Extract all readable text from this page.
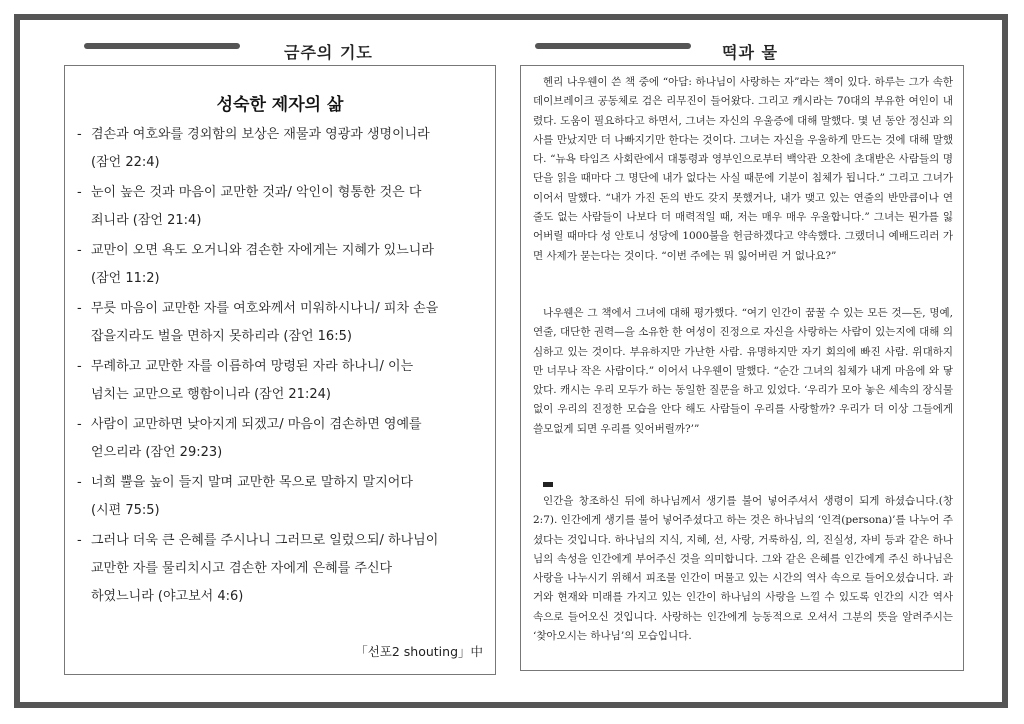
금주의 기도	떡과 물
성숙한 제자의 삶
- 겸손과 여호와를 경외함의 보상은 재물과 영광과 생명이니라
(잠언 22:4)
- 눈이 높은 것과 마음이 교만한 것과/ 악인이 형통한 것은 다
죄니라 (잠언 21:4)
- 교만이 오면 욕도 오거니와 겸손한 자에게는 지혜가 있느니라
(잠언 11:2)
- 무릇 마음이 교만한 자를 여호와께서 미워하시나니/ 피차 손을
잡을지라도 벌을 면하지 못하리라 (잠언 16:5)
- 무례하고 교만한 자를 이름하여 망령된 자라 하나니/ 이는
넘치는 교만으로 행함이니라 (잠언 21:24)
- 사람이 교만하면 낮아지게 되겠고/ 마음이 겸손하면 영예를
얻으리라 (잠언 29:23)
- 너희 뿔을 높이 들지 말며 교만한 목으로 말하지 말지어다
(시편 75:5)
- 그러나 더욱 큰 은혜를 주시나니 그러므로 일렀으되/ 하나님이
교만한 자를 물리치시고 겸손한 자에게 은혜를 주신다
하였느니라 (야고보서 4:6)
「선포2 shouting」中
헨리 나우웬이 쓴 책 중에 “아담: 하나님이 사랑하는 자”라는 책이 있다. 하루는 그가 속한 데이브레이크 공동체로 검은 리무진이 들어왔다. 그리고 캐시라는 70대의 부유한 여인이 내렸다. 도움이 필요하다고 하면서, 그녀는 자신의 우울증에 대해 말했다. 몇 년 동안 정신과 의사를 만났지만 더 나빠지기만 한다는 것이다. 그녀는 자신을 우울하게 만드는 것에 대해 말했다. “뉴욕 타임즈 사회란에서 대통령과 영부인으로부터 백악관 오찬에 초대받은 사람들의 명단을 읽을 때마다 그 명단에 내가 없다는 사실 때문에 기분이 침체가 됩니다.” 그리고 그녀가 이어서 말했다. “내가 가진 돈의 반도 갖지 못했거나, 내가 맺고 있는 연줄의 반만큼이나 연줄도 없는 사람들이 나보다 더 매력적일 때, 저는 매우 매우 우울합니다.” 그녀는 뭔가를 잃어버릴 때마다 성 안토니 성당에 1000불을 헌금하겠다고 약속했다. 그랬더니 예배드리러 가면 사제가 묻는다는 것이다. “이번 주에는 뭐 잃어버린 거 없나요?”
나우웬은 그 책에서 그녀에 대해 평가했다. “여기 인간이 꿈꿀 수 있는 모든 것—돈, 명예, 연줄, 대단한 권력—을 소유한 한 여성이 진정으로 자신을 사랑하는 사람이 있는지에 대해 의심하고 있는 것이다. 부유하지만 가난한 사람. 유명하지만 자기 회의에 빠진 사람. 위대하지만 너무나 작은 사람이다.” 이어서 나우웬이 말했다. “순간 그녀의 침체가 내게 마음에 와 닿았다. 캐시는 우리 모두가 하는 동일한 질문을 하고 있었다. ‘우리가 모아 놓은 세속의 장식물 없이 우리의 진정한 모습을 안다 해도 사람들이 우리를 사랑할까? 우리가 더 이상 그들에게 쓸모없게 되면 우리를 잊어버릴까?’”
인간을 창조하신 뒤에 하나님께서 생기를 불어 넣어주셔서 생령이 되게 하셨습니다.(창 2:7). 인간에게 생기를 불어 넣어주셨다고 하는 것은 하나님의 ‘인격(persona)’를 나누어 주셨다는 것입니다. 하나님의 지식, 지혜, 선, 사랑, 거룩하심, 의, 진실성, 자비 등과 같은 하나님의 속성을 인간에게 부어주신 것을 의미합니다. 그와 같은 은혜를 인간에게 주신 하나님은 사랑을 나누시기 위해서 피조물 인간이 머물고 있는 시간의 역사 속으로 들어오셨습니다. 과거와 현재와 미래를 가지고 있는 인간이 하나님의 사랑을 느낄 수 있도록 인간의 시간 역사 속으로 들어오신 것입니다. 사랑하는 인간에게 능동적으로 오셔서 그분의 뜻을 알려주시는 ‘찾아오시는 하나님’의 모습입니다.
